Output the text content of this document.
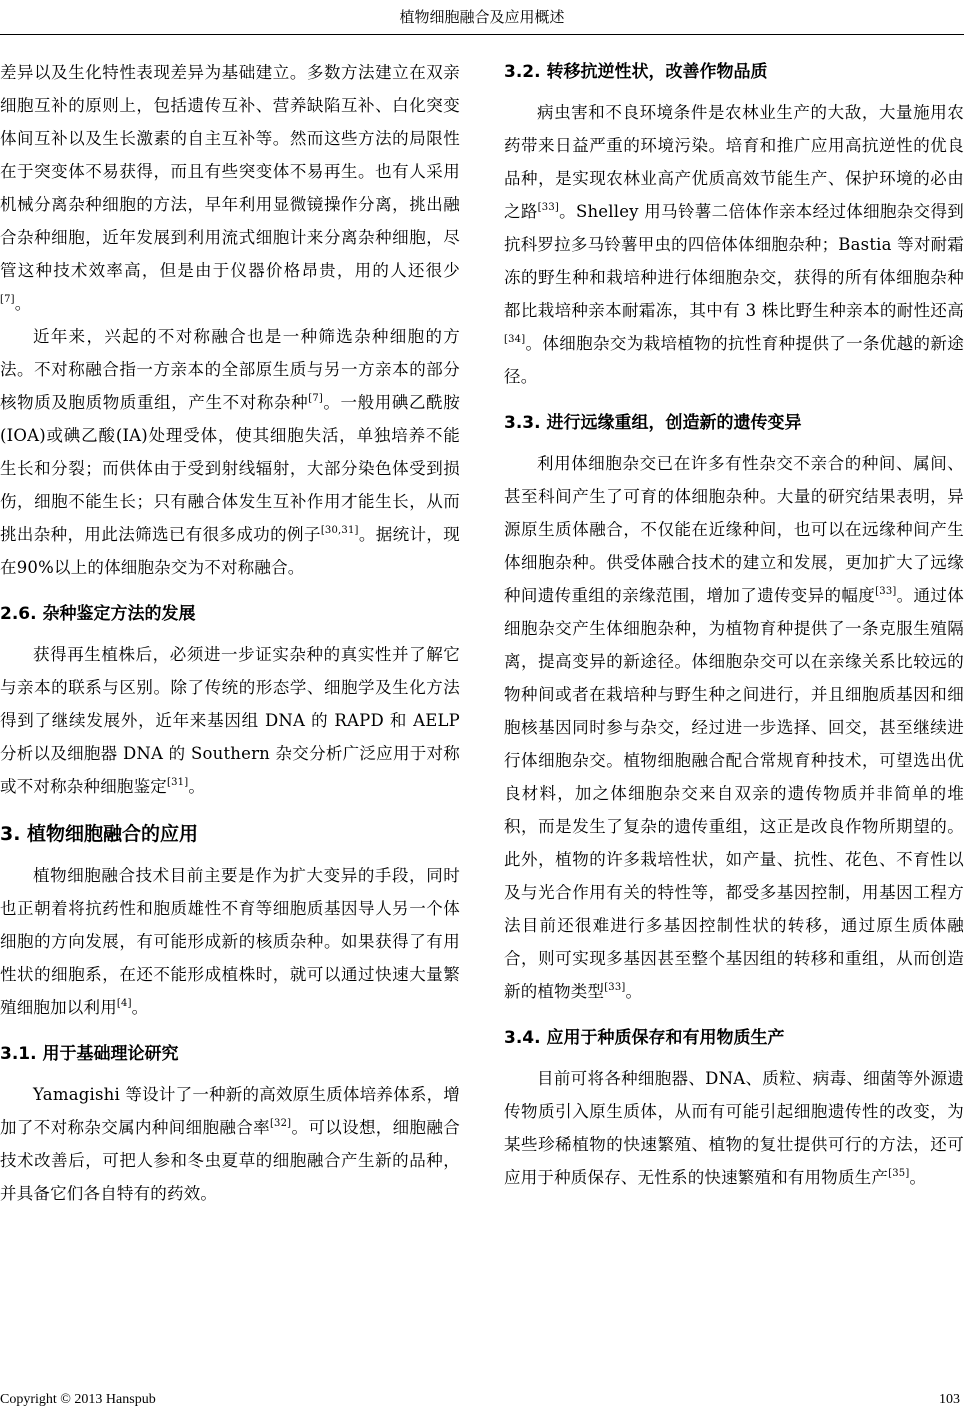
植物细胞融合及应用概述

差异以及生化特性表现差异为基础建立。多数方法建立在双亲细胞互补的原则上，包括遗传互补、营养缺陷互补、白化突变体间互补以及生长激素的自主互补等。然而这些方法的局限性在于突变体不易获得，而且有些突变体不易再生。也有人采用机械分离杂种细胞的方法，早年利用显微镜操作分离，挑出融合杂种细胞，近年发展到利用流式细胞计来分离杂种细胞，尽管这种技术效率高，但是由于仪器价格昂贵，用的人还很少[7]。

近年来，兴起的不对称融合也是一种筛选杂种细胞的方法。不对称融合指一方亲本的全部原生质与另一方亲本的部分核物质及胞质物质重组，产生不对称杂种[7]。一般用碘乙酰胺(IOA)或碘乙酸(IA)处理受体，使其细胞失活，单独培养不能生长和分裂；而供体由于受到射线辐射，大部分染色体受到损伤，细胞不能生长；只有融合体发生互补作用才能生长，从而挑出杂种，用此法筛选已有很多成功的例子[30,31]。据统计，现在90%以上的体细胞杂交为不对称融合。

2.6. 杂种鉴定方法的发展

获得再生植株后，必须进一步证实杂种的真实性并了解它与亲本的联系与区别。除了传统的形态学、细胞学及生化方法得到了继续发展外，近年来基因组 DNA 的 RAPD 和 AELP 分析以及细胞器 DNA 的 Southern 杂交分析广泛应用于对称或不对称杂种细胞鉴定[31]。

3. 植物细胞融合的应用

植物细胞融合技术目前主要是作为扩大变异的手段，同时也正朝着将抗药性和胞质雄性不育等细胞质基因导人另一个体细胞的方向发展，有可能形成新的核质杂种。如果获得了有用性状的细胞系，在还不能形成植株时，就可以通过快速大量繁殖细胞加以利用[4]。

3.1. 用于基础理论研究

Yamagishi 等设计了一种新的高效原生质体培养体系，增加了不对称杂交属内种间细胞融合率[32]。可以设想，细胞融合技术改善后，可把人参和冬虫夏草的细胞融合产生新的品种，并具备它们各自特有的药效。

3.2. 转移抗逆性状，改善作物品质

病虫害和不良环境条件是农林业生产的大敌，大量施用农药带来日益严重的环境污染。培育和推广应用高抗逆性的优良品种，是实现农林业高产优质高效节能生产、保护环境的必由之路[33]。Shelley 用马铃薯二倍体作亲本经过体细胞杂交得到抗科罗拉多马铃薯甲虫的四倍体体细胞杂种；Bastia 等对耐霜冻的野生种和栽培种进行体细胞杂交，获得的所有体细胞杂种都比栽培种亲本耐霜冻，其中有 3 株比野生种亲本的耐性还高[34]。体细胞杂交为栽培植物的抗性育种提供了一条优越的新途径。

3.3. 进行远缘重组，创造新的遗传变异

利用体细胞杂交已在许多有性杂交不亲合的种间、属间、甚至科间产生了可育的体细胞杂种。大量的研究结果表明，异源原生质体融合，不仅能在近缘种间，也可以在远缘种间产生体细胞杂种。供受体融合技术的建立和发展，更加扩大了远缘种间遗传重组的亲缘范围，增加了遗传变异的幅度[33]。通过体细胞杂交产生体细胞杂种，为植物育种提供了一条克服生殖隔离，提高变异的新途径。体细胞杂交可以在亲缘关系比较远的物种间或者在栽培种与野生种之间进行，并且细胞质基因和细胞核基因同时参与杂交，经过进一步选择、回交，甚至继续进行体细胞杂交。植物细胞融合配合常规育种技术，可望选出优良材料，加之体细胞杂交来自双亲的遗传物质并非简单的堆积，而是发生了复杂的遗传重组，这正是改良作物所期望的。此外，植物的许多栽培性状，如产量、抗性、花色、不育性以及与光合作用有关的特性等，都受多基因控制，用基因工程方法目前还很难进行多基因控制性状的转移，通过原生质体融合，则可实现多基因甚至整个基因组的转移和重组，从而创造新的植物类型[33]。

3.4. 应用于种质保存和有用物质生产

目前可将各种细胞器、DNA、质粒、病毒、细菌等外源遗传物质引入原生质体，从而有可能引起细胞遗传性的改变，为某些珍稀植物的快速繁殖、植物的复壮提供可行的方法，还可应用于种质保存、无性系的快速繁殖和有用物质生产[35]。

Copyright © 2013 Hanspub	103
